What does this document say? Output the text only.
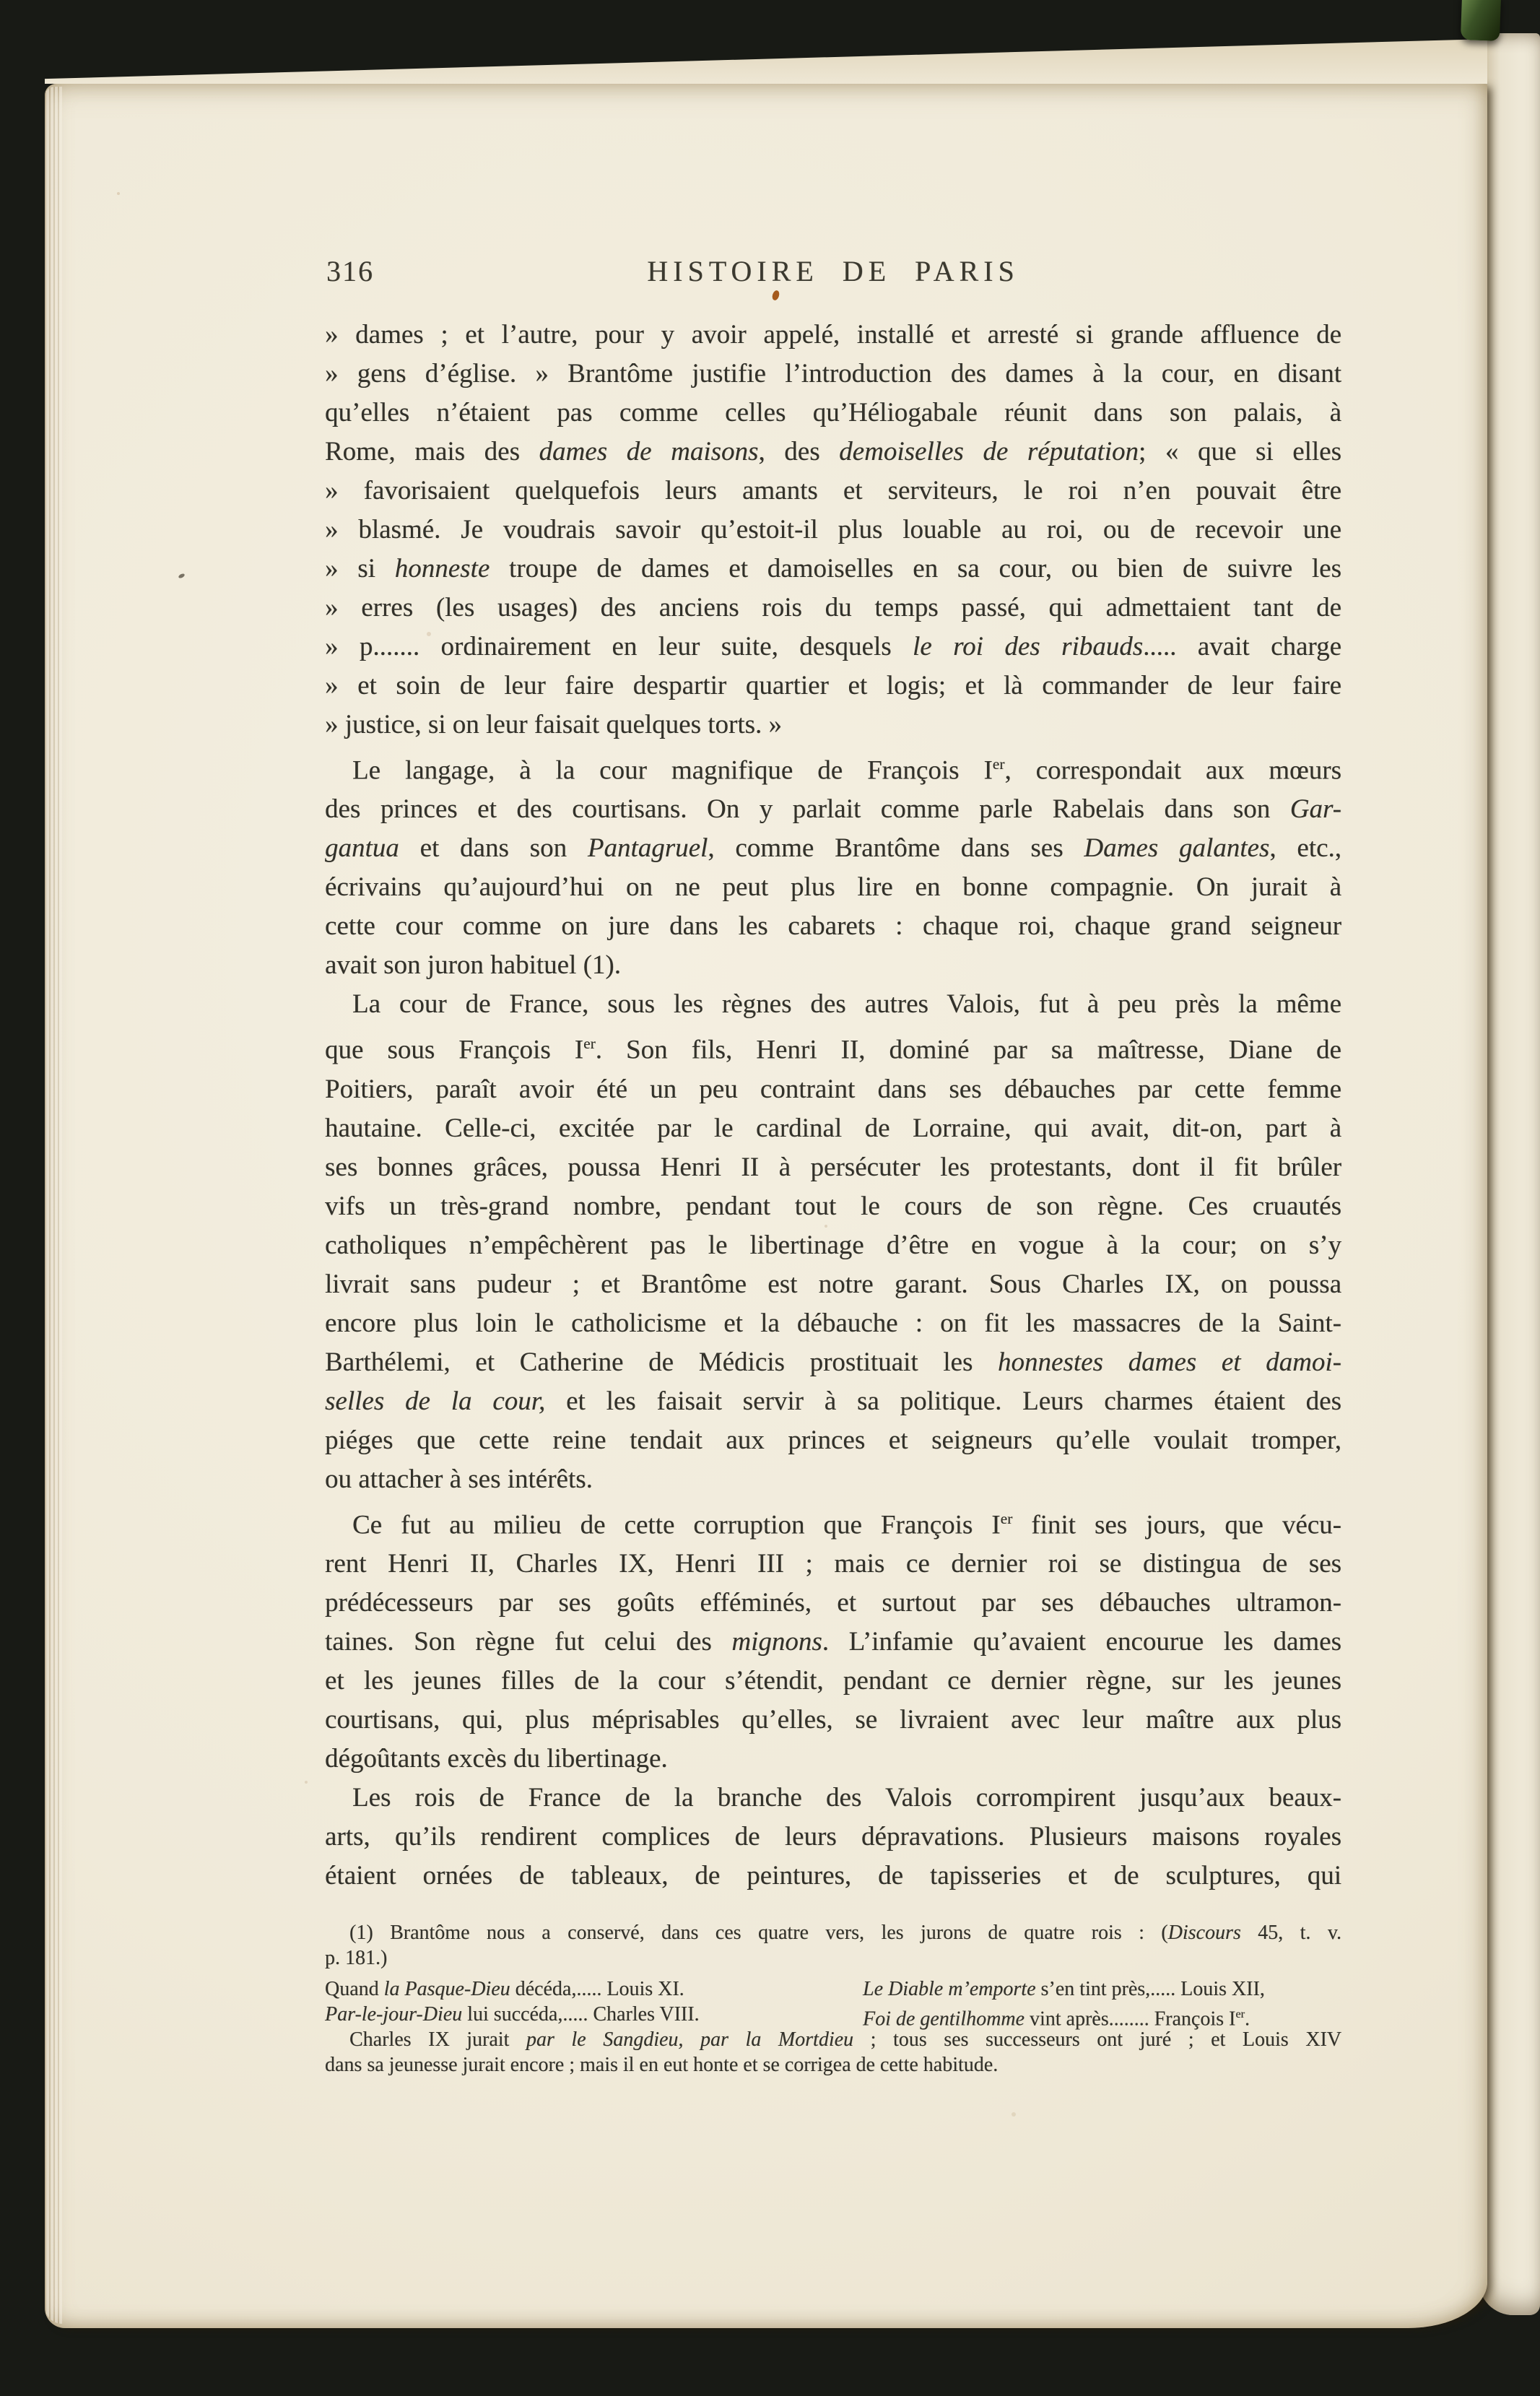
316	HISTOIRE DE PARIS
» dames ; et l’autre, pour y avoir appelé, installé et arresté si grande affluence de
» gens d’église. » Brantôme justifie l’introduction des dames à la cour, en disant
qu’elles n’étaient pas comme celles qu’Héliogabale réunit dans son palais, à
Rome, mais des dames de maisons, des demoiselles de réputation; « que si elles
» favorisaient quelquefois leurs amants et serviteurs, le roi n’en pouvait être
» blasmé. Je voudrais savoir qu’estoit-il plus louable au roi, ou de recevoir une
» si honneste troupe de dames et damoiselles en sa cour, ou bien de suivre les
» erres (les usages) des anciens rois du temps passé, qui admettaient tant de
» p....... ordinairement en leur suite, desquels le roi des ribauds..... avait charge
» et soin de leur faire despartir quartier et logis; et là commander de leur faire
» justice, si on leur faisait quelques torts. »
Le langage, à la cour magnifique de François Ier, correspondait aux mœurs
des princes et des courtisans. On y parlait comme parle Rabelais dans son Gar-
gantua et dans son Pantagruel, comme Brantôme dans ses Dames galantes, etc.,
écrivains qu’aujourd’hui on ne peut plus lire en bonne compagnie. On jurait à
cette cour comme on jure dans les cabarets : chaque roi, chaque grand seigneur
avait son juron habituel (1).
La cour de France, sous les règnes des autres Valois, fut à peu près la même
que sous François Ier. Son fils, Henri II, dominé par sa maîtresse, Diane de
Poitiers, paraît avoir été un peu contraint dans ses débauches par cette femme
hautaine. Celle-ci, excitée par le cardinal de Lorraine, qui avait, dit-on, part à
ses bonnes grâces, poussa Henri II à persécuter les protestants, dont il fit brûler
vifs un très-grand nombre, pendant tout le cours de son règne. Ces cruautés
catholiques n’empêchèrent pas le libertinage d’être en vogue à la cour; on s’y
livrait sans pudeur ; et Brantôme est notre garant. Sous Charles IX, on poussa
encore plus loin le catholicisme et la débauche : on fit les massacres de la Saint-
Barthélemi, et Catherine de Médicis prostituait les honnestes dames et damoi-
selles de la cour, et les faisait servir à sa politique. Leurs charmes étaient des
piéges que cette reine tendait aux princes et seigneurs qu’elle voulait tromper,
ou attacher à ses intérêts.
Ce fut au milieu de cette corruption que François Ier finit ses jours, que vécu-
rent Henri II, Charles IX, Henri III ; mais ce dernier roi se distingua de ses
prédécesseurs par ses goûts efféminés, et surtout par ses débauches ultramon-
taines. Son règne fut celui des mignons. L’infamie qu’avaient encourue les dames
et les jeunes filles de la cour s’étendit, pendant ce dernier règne, sur les jeunes
courtisans, qui, plus méprisables qu’elles, se livraient avec leur maître aux plus
dégoûtants excès du libertinage.
Les rois de France de la branche des Valois corrompirent jusqu’aux beaux-
arts, qu’ils rendirent complices de leurs dépravations. Plusieurs maisons royales
étaient ornées de tableaux, de peintures, de tapisseries et de sculptures, qui
(1) Brantôme nous a conservé, dans ces quatre vers, les jurons de quatre rois : (Discours 45, t. v.
p. 181.)
Quand la Pasque-Dieu décéda,..... Louis XI.	Le Diable m’emporte s’en tint près,..... Louis XII,
Par-le-jour-Dieu lui succéda,..... Charles VIII.	Foi de gentilhomme vint après........ François Ier.
Charles IX jurait par le Sangdieu, par la Mortdieu ; tous ses successeurs ont juré ; et Louis XIV
dans sa jeunesse jurait encore ; mais il en eut honte et se corrigea de cette habitude.
